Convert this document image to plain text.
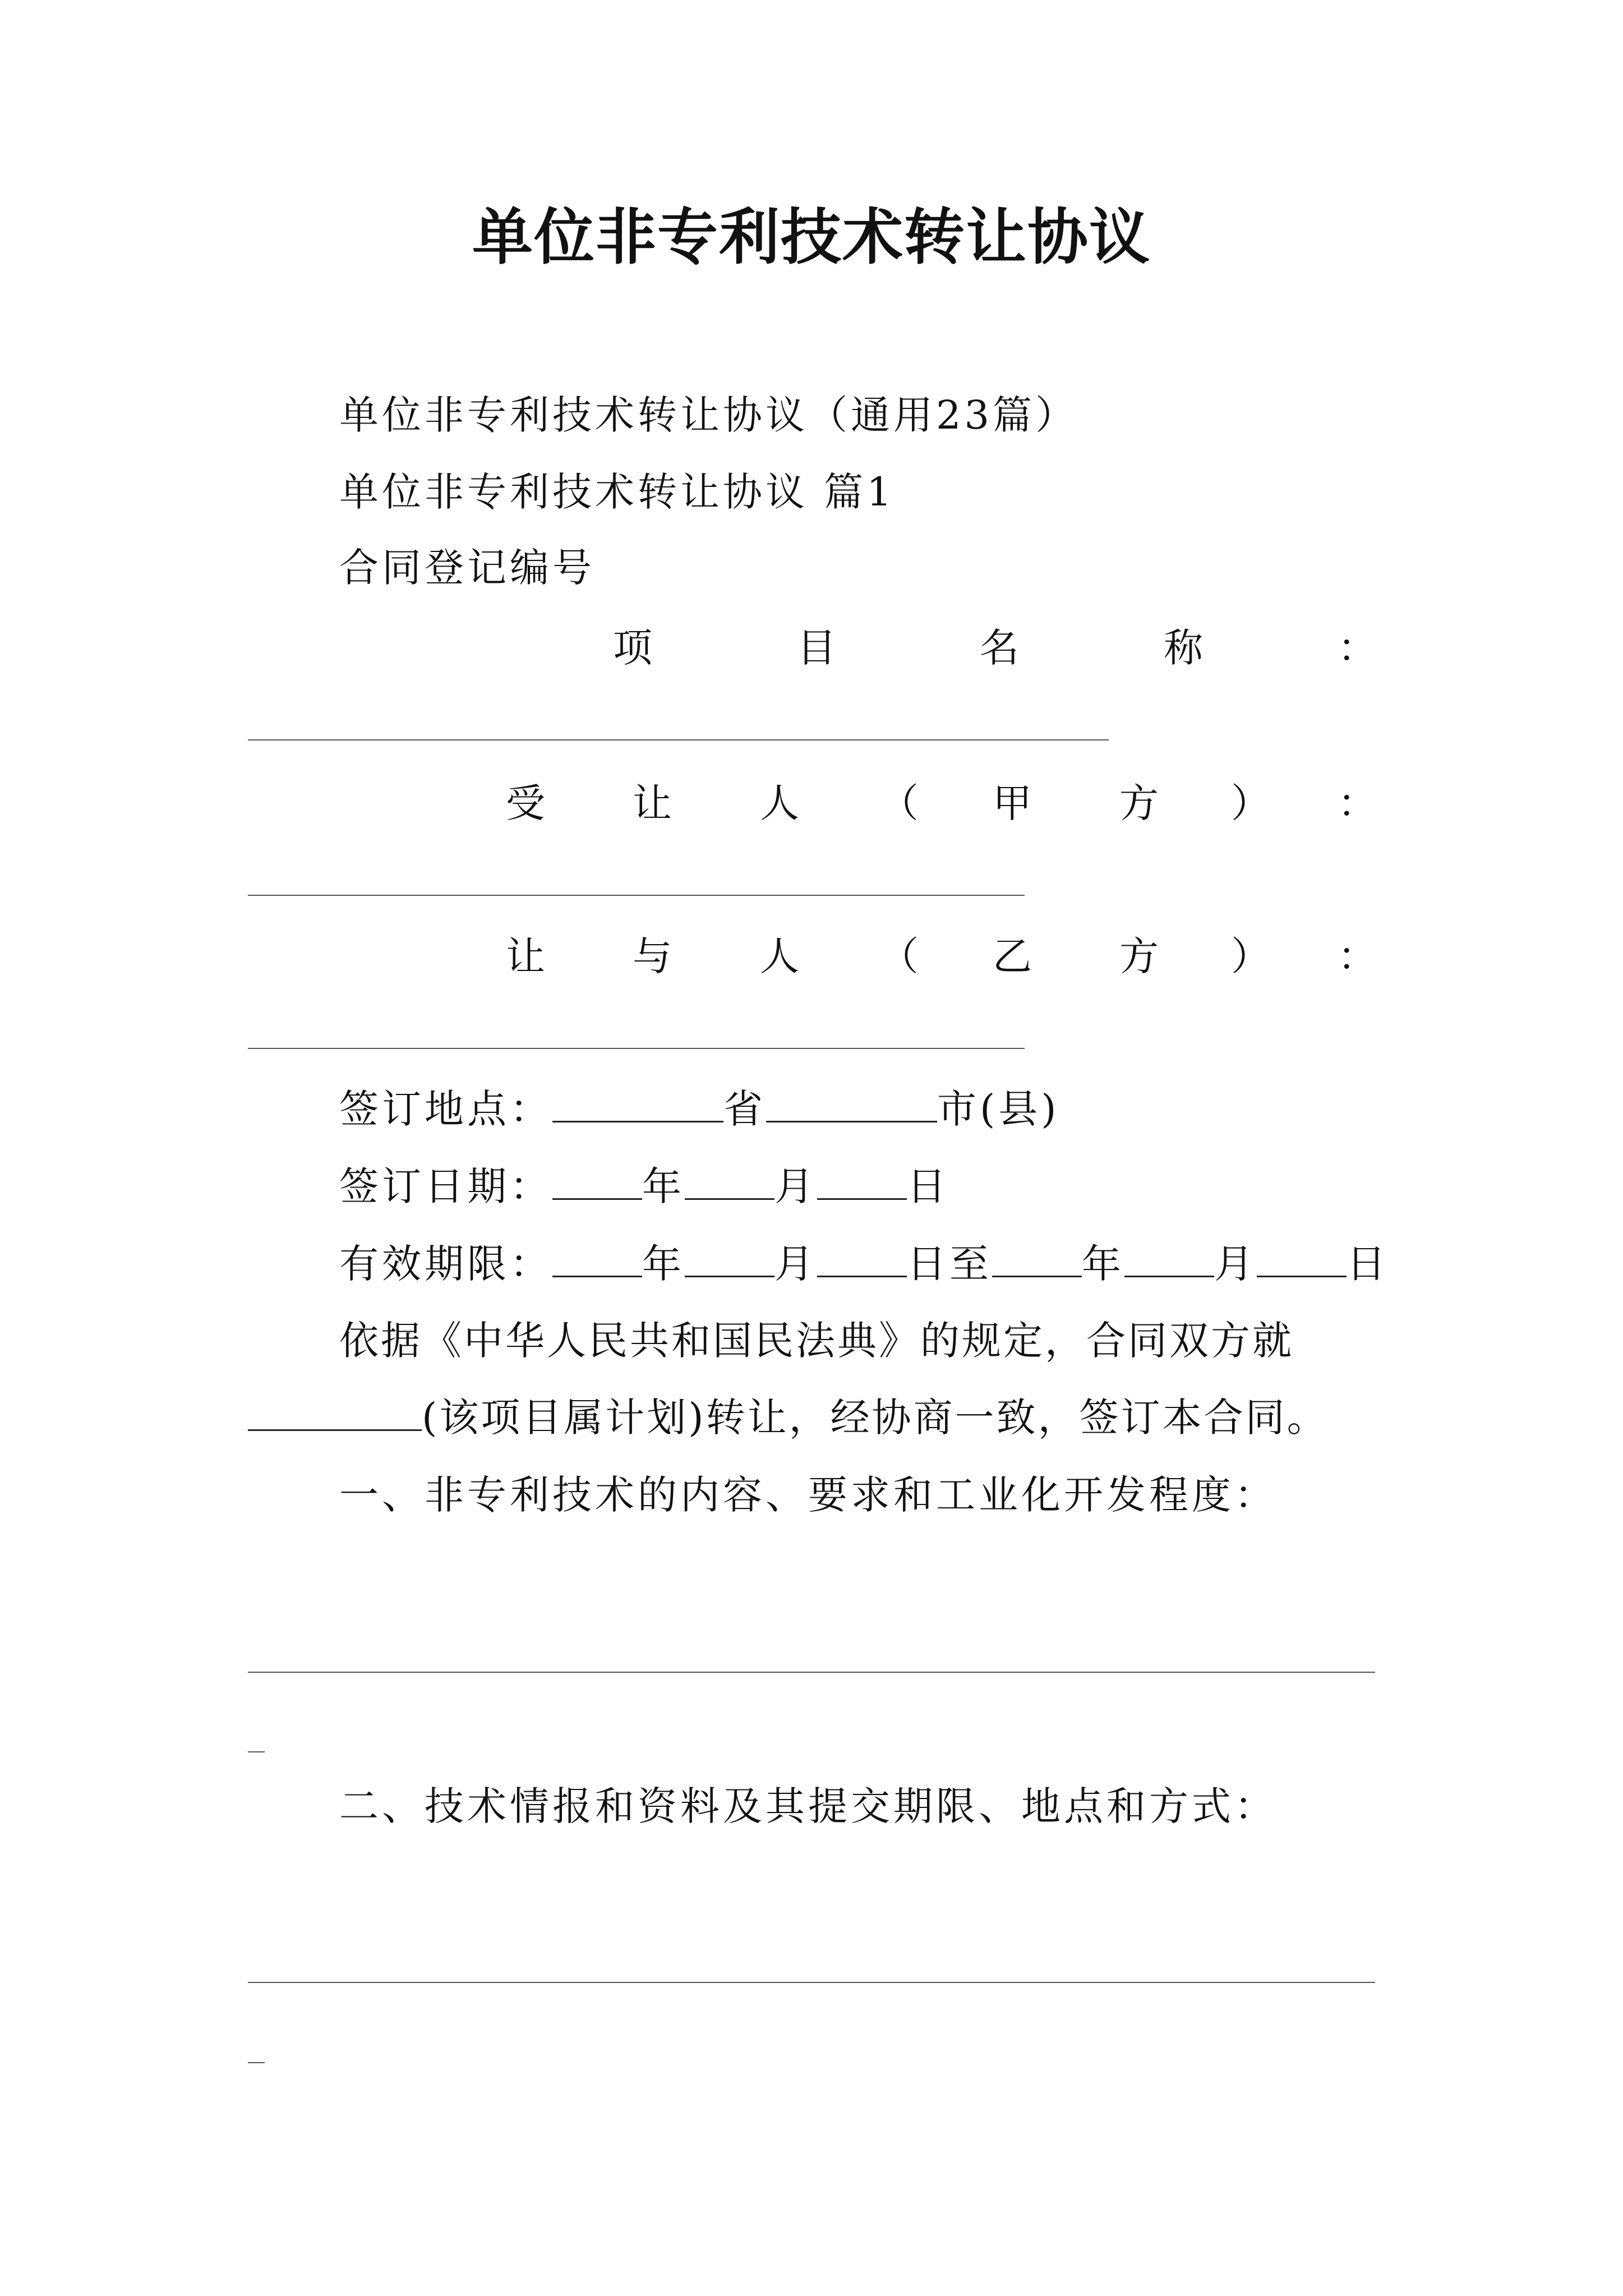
单位非专利技术转让协议
单位非专利技术转让协议（通用23篇）
单位非专利技术转让协议 篇1
合同登记编号
项	目	名	称	：
受 让 人 （ 甲 方 ） ：
让 与 人 （ 乙 方 ） ：
签订地点：	省	市(县)
签订日期： 年 月 日
有效期限： 年 月 日至 年 月 日
依据《中华人民共和国民法典》的规定，合同双方就
(该项目属计划)转让，经协商一致，签订本合同。
一、非专利技术的内容、要求和工业化开发程度：
二、技术情报和资料及其提交期限、地点和方式：
